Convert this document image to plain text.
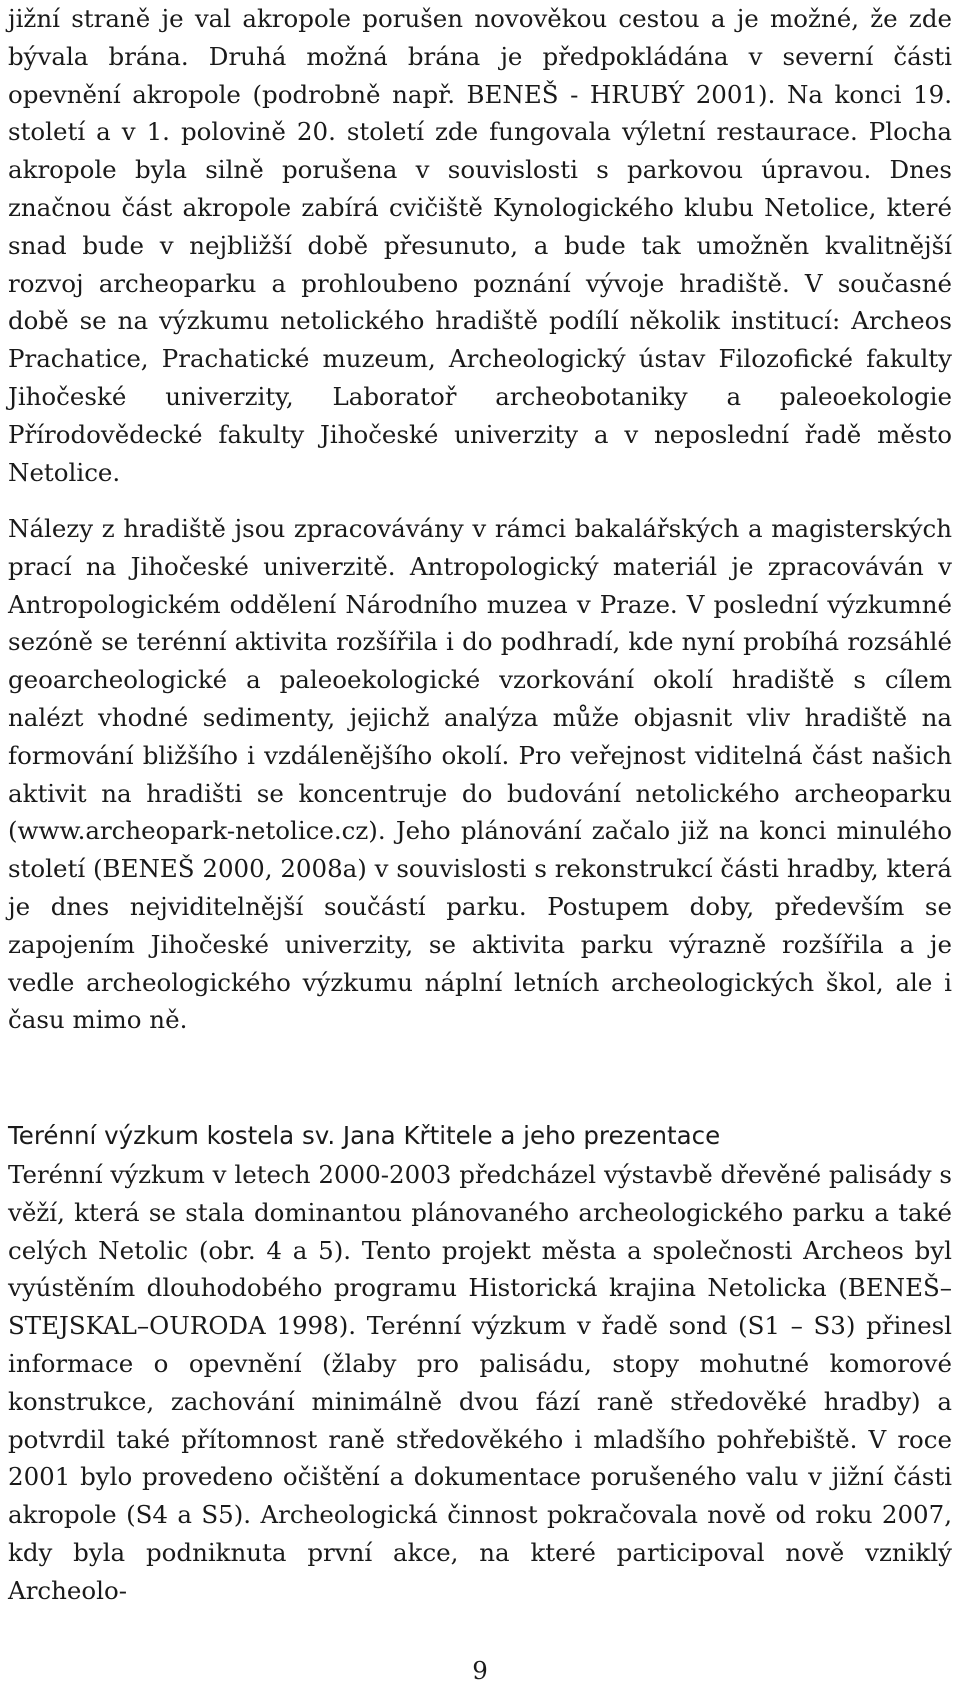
jižní straně je val akropole porušen novověkou cestou a je možné, že zde bývala brána. Druhá možná brána je předpokládána v severní části opevnění akropole (podrobně např. BENEŠ - HRUBÝ 2001). Na konci 19. století a v 1. polovině 20. století zde fungovala výletní restaurace. Plocha akropole byla silně porušena v souvislosti s parkovou úpravou. Dnes značnou část akropole zabírá cvičiště Kynologického klubu Netolice, které snad bude v nejbližší době přesunuto, a bude tak umožněn kvalitnější rozvoj archeoparku a prohloubeno poznání vývoje hradiště. V současné době se na výzkumu netolického hradiště podílí několik institucí: Archeos Prachatice, Prachatické muzeum, Archeologický ústav Filozofické fakulty Jihočeské univerzity, Laboratoř archeobotaniky a paleoekologie Přírodovědecké fakulty Jihočeské univerzity a v neposlední řadě město Netolice.

Nálezy z hradiště jsou zpracovávány v rámci bakalářských a magisterských prací na Jihočeské univerzitě. Antropologický materiál je zpracováván v Antropologickém oddělení Národního muzea v Praze. V poslední výzkumné sezóně se terénní aktivita rozšířila i do podhradí, kde nyní probíhá rozsáhlé geoarcheologické a paleoekologické vzorkování okolí hradiště s cílem nalézt vhodné sedimenty, jejichž analýza může objasnit vliv hradiště na formování bližšího i vzdálenějšího okolí. Pro veřejnost viditelná část našich aktivit na hradišti se koncentruje do budování netolického archeoparku (www.archeopark-netolice.cz). Jeho plánování začalo již na konci minulého století (BENEŠ 2000, 2008a) v souvislosti s rekonstrukcí části hradby, která je dnes nejviditelnější součástí parku. Postupem doby, především se zapojením Jihočeské univerzity, se aktivita parku výrazně rozšířila a je vedle archeologického výzkumu náplní letních archeologických škol, ale i času mimo ně.

Terénní výzkum kostela sv. Jana Křtitele a jeho prezentace

Terénní výzkum v letech 2000-2003 předcházel výstavbě dřevěné palisády s věží, která se stala dominantou plánovaného archeologického parku a také celých Netolic (obr. 4 a 5). Tento projekt města a společnosti Archeos byl vyústěním dlouhodobého programu Historická krajina Netolicka (BENEŠ–STEJSKAL–OURODA 1998). Terénní výzkum v řadě sond (S1 – S3) přinesl informace o opevnění (žlaby pro palisádu, stopy mohutné komorové konstrukce, zachování minimálně dvou fází raně středověké hradby) a potvrdil také přítomnost raně středověkého i mladšího pohřebiště. V roce 2001 bylo provedeno očištění a dokumentace porušeného valu v jižní části akropole (S4 a S5). Archeologická činnost pokračovala nově od roku 2007, kdy byla podniknuta první akce, na které participoval nově vzniklý Archeolo-

9
